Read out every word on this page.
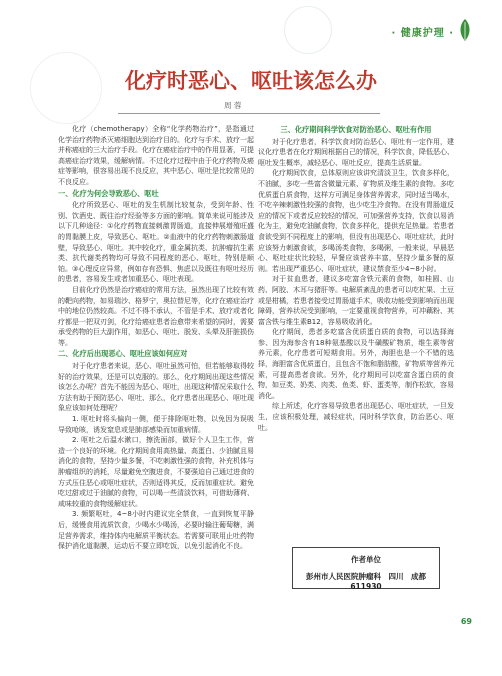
· 健康护理 ·
化疗时恶心、呕吐该怎么办
周 蓉

化疗（chemotherapy）全称“化学药物治疗”，是指通过化学治疗药物杀灭癌细胞达到治疗目的。化疗与手术、放疗一起并称癌症的三大治疗手段。化疗在癌症治疗中的作用显著，可提高癌症治疗效果，缓解病情。不过化疗过程中由于化疗药物及癌症等影响，很容易出现不良反应，其中恶心、呕吐是比较常见的不良反应。

一、化疗为何会导致恶心、呕吐

化疗所致恶心、呕吐的发生机制比较复杂，受到年龄、性别、饮酒史、既往治疗经验等多方面的影响。简单来说可能涉及以下几种途径：①化疗药物直接刺激胃肠道，直接伸展增殖旺盛的胃黏膜上皮，导致恶心、呕吐。②血液中的化疗药物刺激肠道壁，导致恶心、呕吐。其中较化疗，重金属抗类、抗肿瘤抗生素类、抗代谢类药物均可导致不同程度的恶心、呕吐，特别是顺铂。③心理反应异常，例如存有恐惧、焦虑以及既往有呕吐经历的患者，容易发生或者加重恶心、呕吐表现。

目前化疗仍然是治疗癌症的常用方法，虽然出现了比较有效的靶向药物，如易瑞沙、格罗宁，奥拉替尼等，化疗在癌症治疗中的地位仍然较高。不过不得不承认，不管是手术、放疗或者化疗都是一把双刃剑，化疗给癌症患者治愈带来希望的同时，需要承受药物的巨大副作用，如恶心、呕吐、脱发、头晕及肝脏损伤等。

二、化疗后出现恶心、呕吐应该如何应对

对于化疗患者来说，恶心、呕吐虽然可怕，但若能够取得较好的治疗效果，还是可以克服的。那么，化疗期间出现这些情况该怎么办呢？首先不能因为恶心、呕吐，出现这种情况采取什么方法有助于预防恶心、呕吐、那么，化疗患者出现恶心、呕吐现象应该如何处理呢？

1. 呕吐时将头偏向一侧，便于排除呕吐物，以免因为误吸导致呛咳，诱发窒息或是肺部感染而加重病情。

2. 呕吐之后温水漱口，擦洗面部，做好个人卫生工作，营造一个良好的环境。化疗期间食用高热量、高蛋白、少油腻且易消化的食物，坚持少量多餐，不吃刺激性强的食物，补充机体与肿瘤组织的消耗，尽量避免空腹进食，不要强迫自己通过进食的方式压住恶心或呕吐症状，否则适得其反，反而加重症状。避免吃过甜或过于油腻的食物，可以喝一些清淡饮料，可借助薄荷、咸味较重的食物缓解症状。

3. 频繁呕吐，4~8小时内建议完全禁食，一直到恢复平静后，缓慢食用流质饮食，少喝水少喝汤，必要时输注葡萄糖，满足营养需求，维持体内电解质平衡状态。若需要可联用止吐药物保护消化道黏膜，运动后不要立即吃饭，以免引起消化不良。

三、化疗期间科学饮食对防治恶心、呕吐有作用

对于化疗患者，科学饮食对防治恶心、呕吐有一定作用，建议化疗患者在化疗期间根据自己的情况，科学饮食，降低恶心、呕吐发生概率，减轻恶心、呕吐反应，提高生活质量。

化疗期间饮食，总体原则应该讲究清淡卫生，饮食多样化，不油腻，多吃一些富含微量元素、矿物质及维生素的食物。多吃优质蛋白质食物，这样方可满足身体营养需求，同时适当喝水，不吃辛辣刺激性较强的食物，也少吃生冷食物。在没有胃肠道反应的情况下或者反应较轻的情况，可加强营养支持，饮食以易消化为主，避免吃油腻食物，饮食多样化，提供充足热量。若患者食欲受到不同程度上的影响，但没有出现恶心、呕吐症状，此时应该努力刺激食欲，多喝汤类食物，多喝粥，一般来说，早晨恶心、呕吐症状比较轻，早餐应该营养丰富，坚持少量多餐的原则。若出现严重恶心、呕吐症状，建议禁食至少4~8小时。

对于贫血患者，建议多吃富含铁元素的食物，如桂圆、山药、阿胶、木耳与猪肝等。电解质紊乱的患者可以吃杧果、土豆或是柑橘，若患者接受过胃肠道手术，吸收功能受到影响而出现障碍，营养状况受到影响，一定要重视食物营养，可冲藕粉、其富含铁与维生素B12，容易吸收消化。

化疗期间，患者多吃富含优质蛋白质的食物，可以选择海参、因为海参含有18种氨基酸以及牛磺酸矿物质，维生素等营养元素，化疗患者可短期食用。另外，海胆也是一个不错的选择，海胆富含优质蛋白，且包含不饱和脂肪酸，矿物质等营养元素，可提高患者食欲。另外，化疗期间可以吃富含蛋白质的食物，如豆类、奶类、肉类、鱼类、虾、蛋类等，制作松软，容易消化。

综上所述，化疗容易导致患者出现恶心、呕吐症状，一旦发生，应该积极处理，减轻症状，同时科学饮食，防治恶心、呕吐。

作者单位
彭州市人民医院肿瘤科　四川　成都　611930
69
